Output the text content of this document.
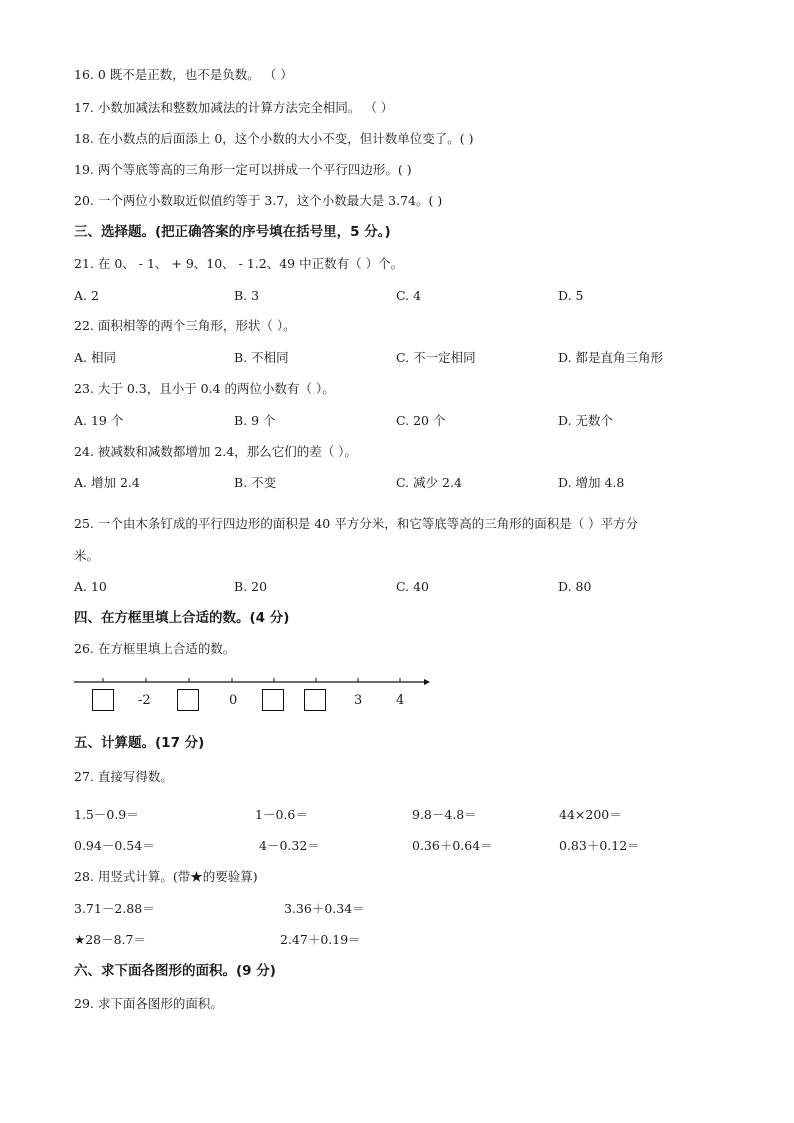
16. 0 既不是正数，也不是负数。 （ ）
17. 小数加减法和整数加减法的计算方法完全相同。 （ ）
18. 在小数点的后面添上 0，这个小数的大小不变，但计数单位变了。( )
19. 两个等底等高的三角形一定可以拼成一个平行四边形。( )
20. 一个两位小数取近似值约等于 3.7，这个小数最大是 3.74。( )
三、选择题。(把正确答案的序号填在括号里，5 分。)
21. 在 0、 - 1、 + 9、10、 - 1.2、49 中正数有（ ）个。
A. 2	B. 3	C. 4	D. 5
22. 面积相等的两个三角形，形状（ ）。
A. 相同	B. 不相同	C. 不一定相同	D. 都是直角三角形
23. 大于 0.3，且小于 0.4 的两位小数有（ ）。
A. 19 个	B. 9 个	C. 20 个	D. 无数个
24. 被减数和减数都增加 2.4，那么它们的差（ ）。
A. 增加 2.4	B. 不变	C. 减少 2.4	D. 增加 4.8
25. 一个由木条钉成的平行四边形的面积是 40 平方分米，和它等底等高的三角形的面积是（ ）平方分
米。
A. 10	B. 20	C. 40	D. 80
四、在方框里填上合适的数。(4 分)
26. 在方框里填上合适的数。
-2	0	3	4
五、计算题。(17 分)
27. 直接写得数。
1.5－0.9＝	1－0.6＝	9.8－4.8＝	44×200＝
0.94－0.54＝	4－0.32＝	0.36＋0.64＝	0.83＋0.12＝
28. 用竖式计算。(带★的要验算)
3.71－2.88＝	3.36＋0.34＝
★28－8.7＝	2.47＋0.19＝
六、求下面各图形的面积。(9 分)
29. 求下面各图形的面积。
